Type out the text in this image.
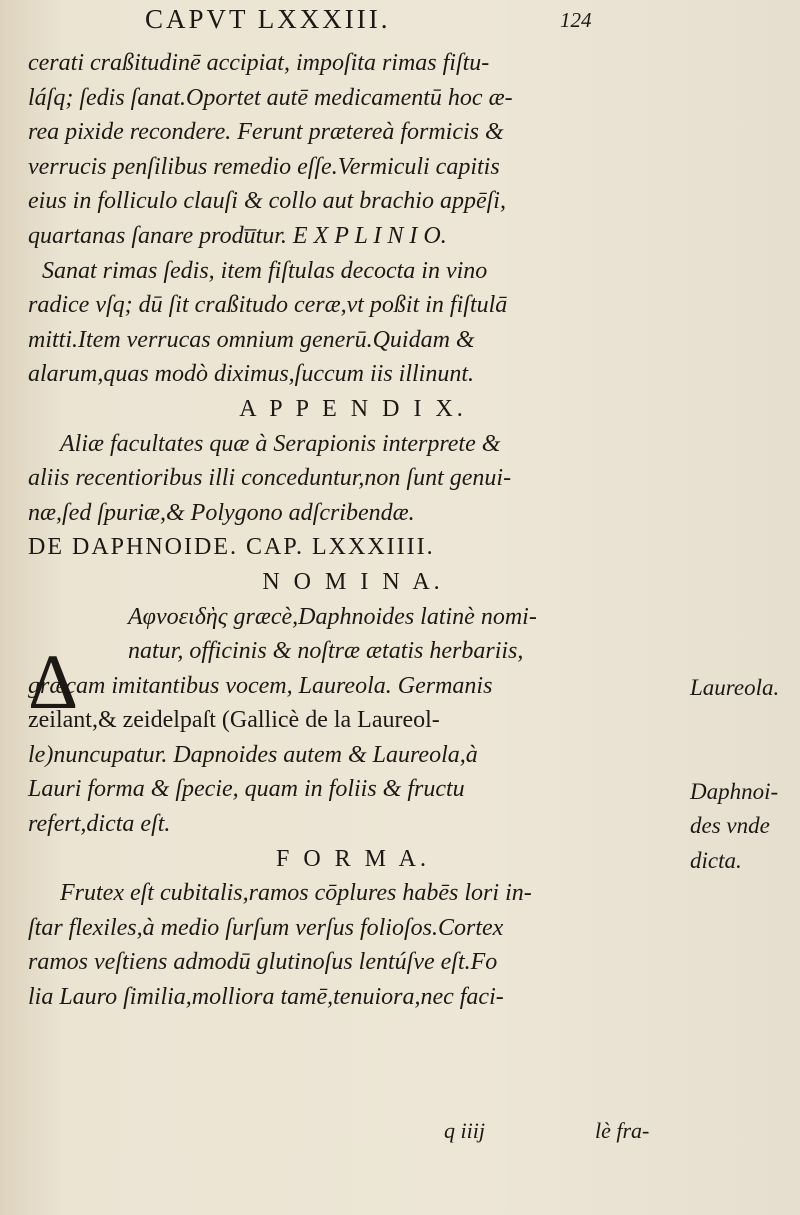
CAPVT LXXXIII.	124
Δ
cerati craßitudinē accipiat, impoſita rimas fiſtu-
láſq; ſedis ſanat.Oportet autē medicamentū hoc æ-
rea pixide recondere. Ferunt prætereà formicis &
verrucis penſilibus remedio eſſe.Vermiculi capitis
eius in folliculo clauſi & collo aut brachio appēſi,
quartanas ſanare produ̅tur. E X P L I N I O.
Sanat rimas ſedis, item fiſtulas decocta in vino
radice vſq; dū ſit craßitudo ceræ,vt poßit in fiſtulā
mitti.Item verrucas omnium generū.Quidam &
alarum,quas modò diximus,ſuccum iis illinunt.
A P P E N D I X.
Aliæ facultates quæ à Serapionis interprete &
aliis recentioribus illi conceduntur,non ſunt genui-
næ,ſed ſpuriæ,& Polygono adſcribendæ.
DE DAPHNOIDE. CAP. LXXXIIII.
N O M I N A.
Aφνοειδὴς græcè,Daphnoides latinè nomi-
natur, officinis & noſtræ ætatis herbariis,
græcam imitantibus vocem, Laureola. Germanis
zeilant,& zeidelpaſt (Gallicè de la Laureol-
le)nuncupatur. Dapnoides autem & Laureola,à
Lauri forma & ſpecie, quam in foliis & fructu
refert,dicta eſt.
F O R M A.
Frutex eſt cubitalis,ramos cōplures habēs lori in-
ſtar flexiles,à medio ſurſum verſus folioſos.Cortex
ramos veſtiens admodū glutinoſus lentúſve eſt.Fo
lia Lauro ſimilia,molliora tamē,tenuiora,nec faci-
Laureola.
Daphnoi-
des vnde
dicta.
q iiij	lè fra-
